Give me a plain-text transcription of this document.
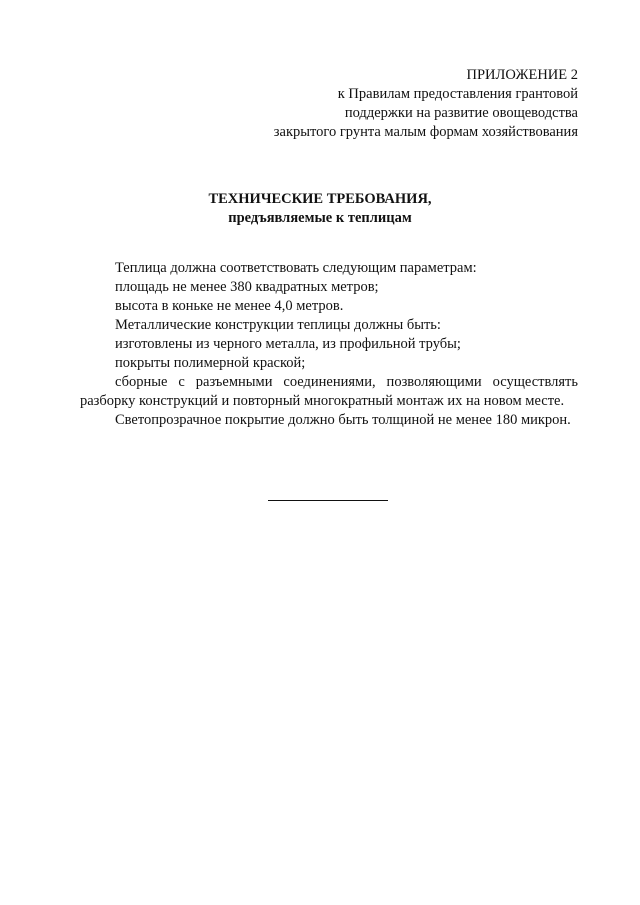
ПРИЛОЖЕНИЕ 2
к Правилам предоставления грантовой
поддержки на развитие овощеводства
закрытого грунта малым формам хозяйствования
ТЕХНИЧЕСКИЕ ТРЕБОВАНИЯ,
предъявляемые к теплицам
Теплица должна соответствовать следующим параметрам:
площадь не менее 380 квадратных метров;
высота в коньке не менее 4,0 метров.
Металлические конструкции теплицы должны быть:
изготовлены из черного металла, из профильной трубы;
покрыты полимерной краской;
сборные с разъемными соединениями, позволяющими осуществлять разборку конструкций и повторный многократный монтаж их на новом месте.
Светопрозрачное покрытие должно быть толщиной не менее 180 микрон.
